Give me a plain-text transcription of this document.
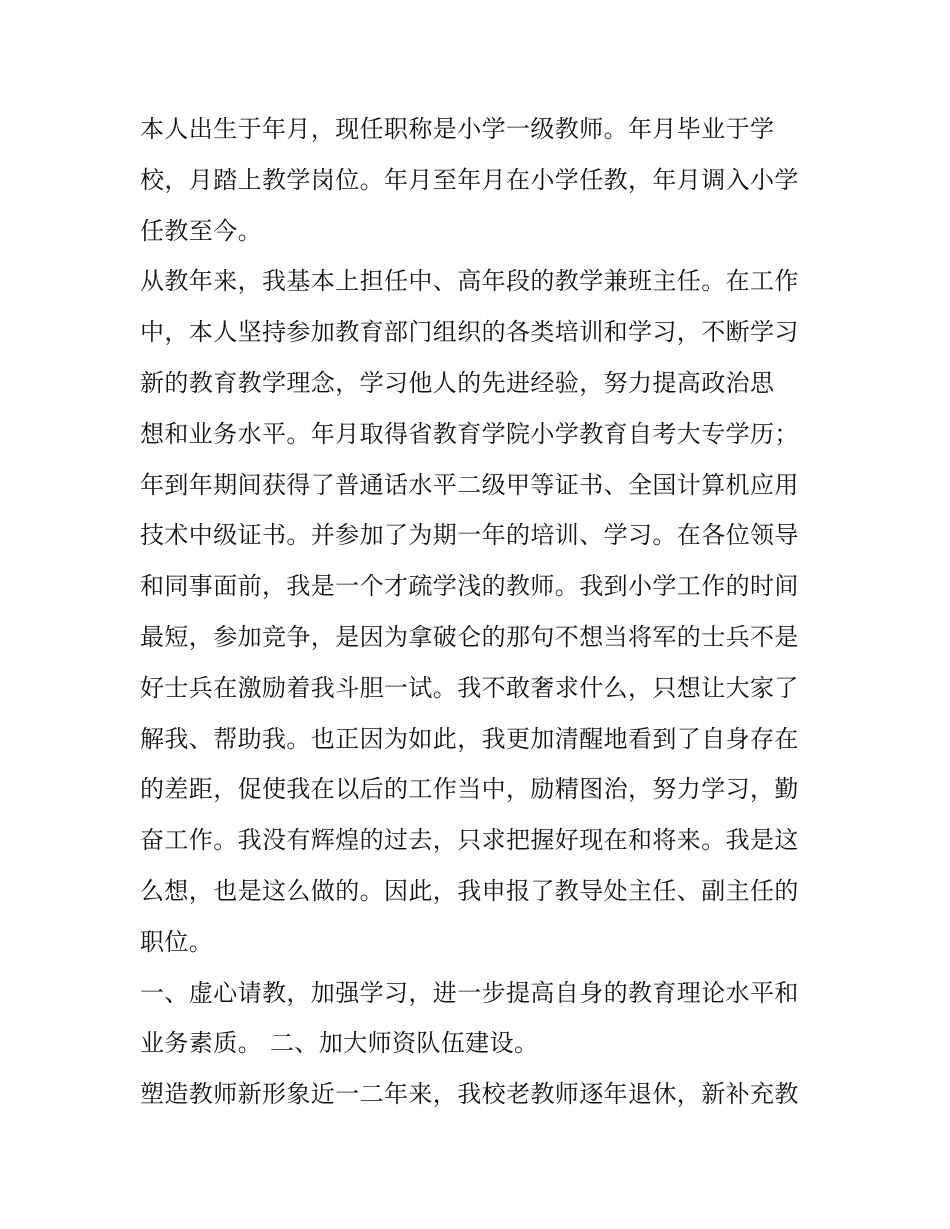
本人出生于年月，现任职称是小学一级教师。年月毕业于学
校，月踏上教学岗位。年月至年月在小学任教，年月调入小学
任教至今。
从教年来，我基本上担任中、高年段的教学兼班主任。在工作
中，本人坚持参加教育部门组织的各类培训和学习，不断学习
新的教育教学理念，学习他人的先进经验，努力提高政治思
想和业务水平。年月取得省教育学院小学教育自考大专学历；
年到年期间获得了普通话水平二级甲等证书、全国计算机应用
技术中级证书。并参加了为期一年的培训、学习。在各位领导
和同事面前，我是一个才疏学浅的教师。我到小学工作的时间
最短，参加竞争，是因为拿破仑的那句不想当将军的士兵不是
好士兵在激励着我斗胆一试。我不敢奢求什么，只想让大家了
解我、帮助我。也正因为如此，我更加清醒地看到了自身存在
的差距，促使我在以后的工作当中，励精图治，努力学习，勤
奋工作。我没有辉煌的过去，只求把握好现在和将来。我是这
么想，也是这么做的。因此，我申报了教导处主任、副主任的
职位。
一、虚心请教，加强学习，进一步提高自身的教育理论水平和
业务素质。 二、加大师资队伍建设。
塑造教师新形象近一二年来，我校老教师逐年退休，新补充教
